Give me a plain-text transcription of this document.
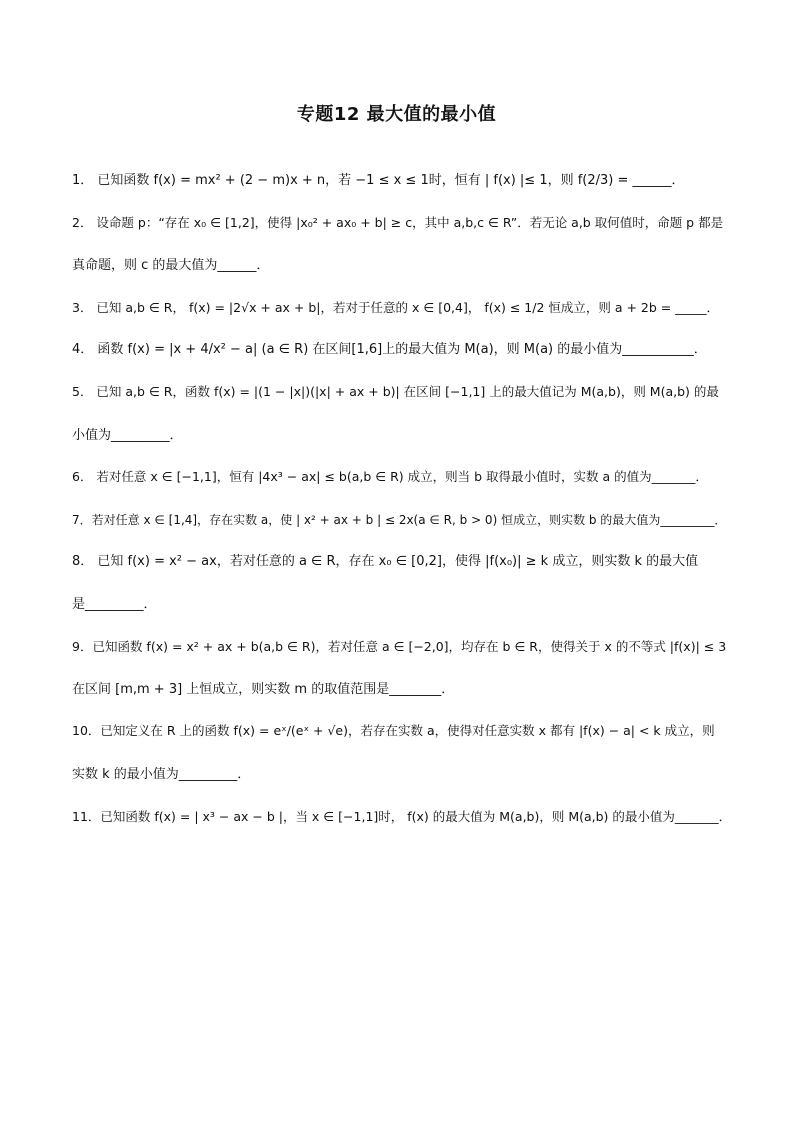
专题12 最大值的最小值
1． 已知函数 f(x) = mx² + (2 − m)x + n，若 −1 ≤ x ≤ 1时，恒有 | f(x) |≤ 1，则 f(2/3) = ______．
2． 设命题 p：“存在 x₀ ∈ [1,2]，使得 |x₀² + ax₀ + b| ≥ c，其中 a,b,c ∈ R”．若无论 a,b 取何值时，命题 p 都是
真命题，则 c 的最大值为______．
3． 已知 a,b ∈ R， f(x) = |2√x + ax + b|，若对于任意的 x ∈ [0,4]， f(x) ≤ 1/2 恒成立，则 a + 2b = _____．
4． 函数 f(x) = |x + 4/x² − a| (a ∈ R) 在区间[1,6]上的最大值为 M(a)，则 M(a) 的最小值为___________．
5． 已知 a,b ∈ R，函数 f(x) = |(1 − |x|)(|x| + ax + b)| 在区间 [−1,1] 上的最大值记为 M(a,b)，则 M(a,b) 的最
小值为_________．
6． 若对任意 x ∈ [−1,1]，恒有 |4x³ − ax| ≤ b(a,b ∈ R) 成立，则当 b 取得最小值时，实数 a 的值为_______．
7．若对任意 x ∈ [1,4]，存在实数 a，使 | x² + ax + b | ≤ 2x(a ∈ R, b > 0) 恒成立，则实数 b 的最大值为_________．
8． 已知 f(x) = x² − ax，若对任意的 a ∈ R，存在 x₀ ∈ [0,2]，使得 |f(x₀)| ≥ k 成立，则实数 k 的最大值
是_________．
9．已知函数 f(x) = x² + ax + b(a,b ∈ R)，若对任意 a ∈ [−2,0]，均存在 b ∈ R，使得关于 x 的不等式 |f(x)| ≤ 3
在区间 [m,m + 3] 上恒成立，则实数 m 的取值范围是________．
10．已知定义在 R 上的函数 f(x) = eˣ/(eˣ + √e)，若存在实数 a，使得对任意实数 x 都有 |f(x) − a| < k 成立，则
实数 k 的最小值为_________．
11．已知函数 f(x) = | x³ − ax − b |，当 x ∈ [−1,1]时， f(x) 的最大值为 M(a,b)，则 M(a,b) 的最小值为_______．
